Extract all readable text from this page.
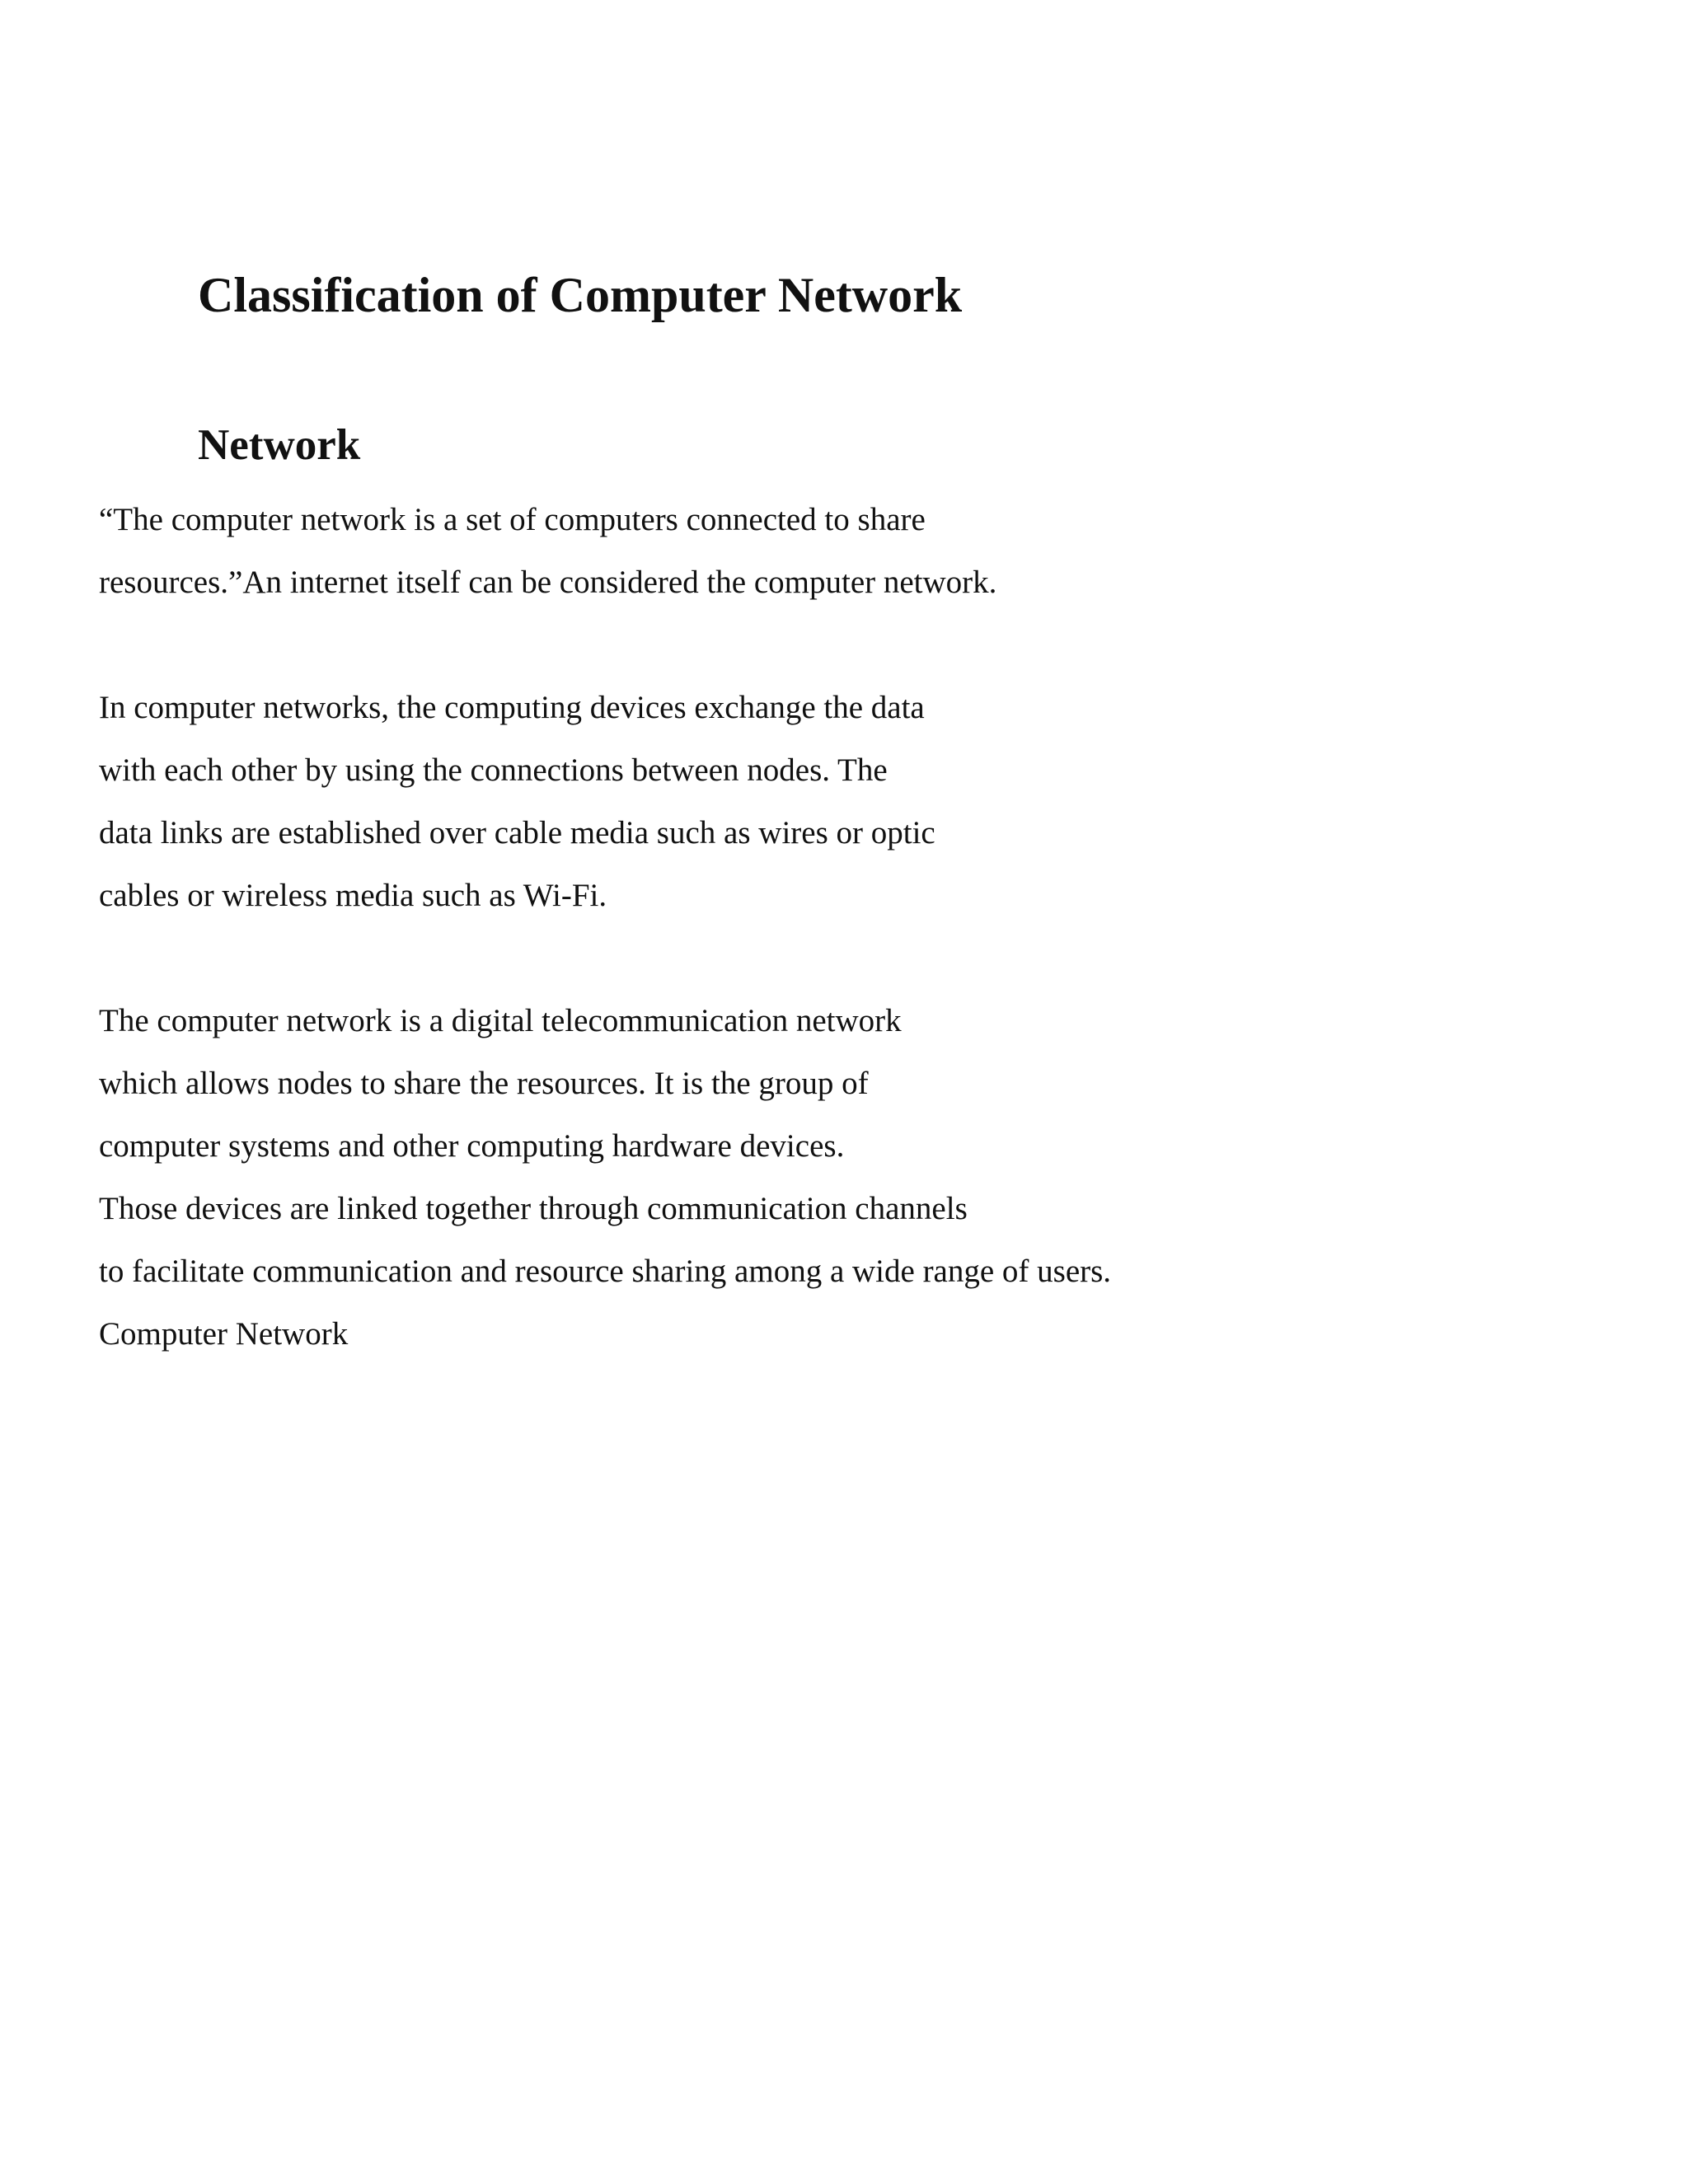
Classification of Computer Network
Network

“The computer network is a set of computers connected to share
resources.”An internet itself can be considered the computer network.

In computer networks, the computing devices exchange the data
with each other by using the connections between nodes. The
data links are established over cable media such as wires or optic
cables or wireless media such as Wi-Fi.

The computer network is a digital telecommunication network
which allows nodes to share the resources. It is the group of
computer systems and other computing hardware devices.
Those devices are linked together through communication channels
to facilitate communication and resource sharing among a wide range of users.
Computer Network
